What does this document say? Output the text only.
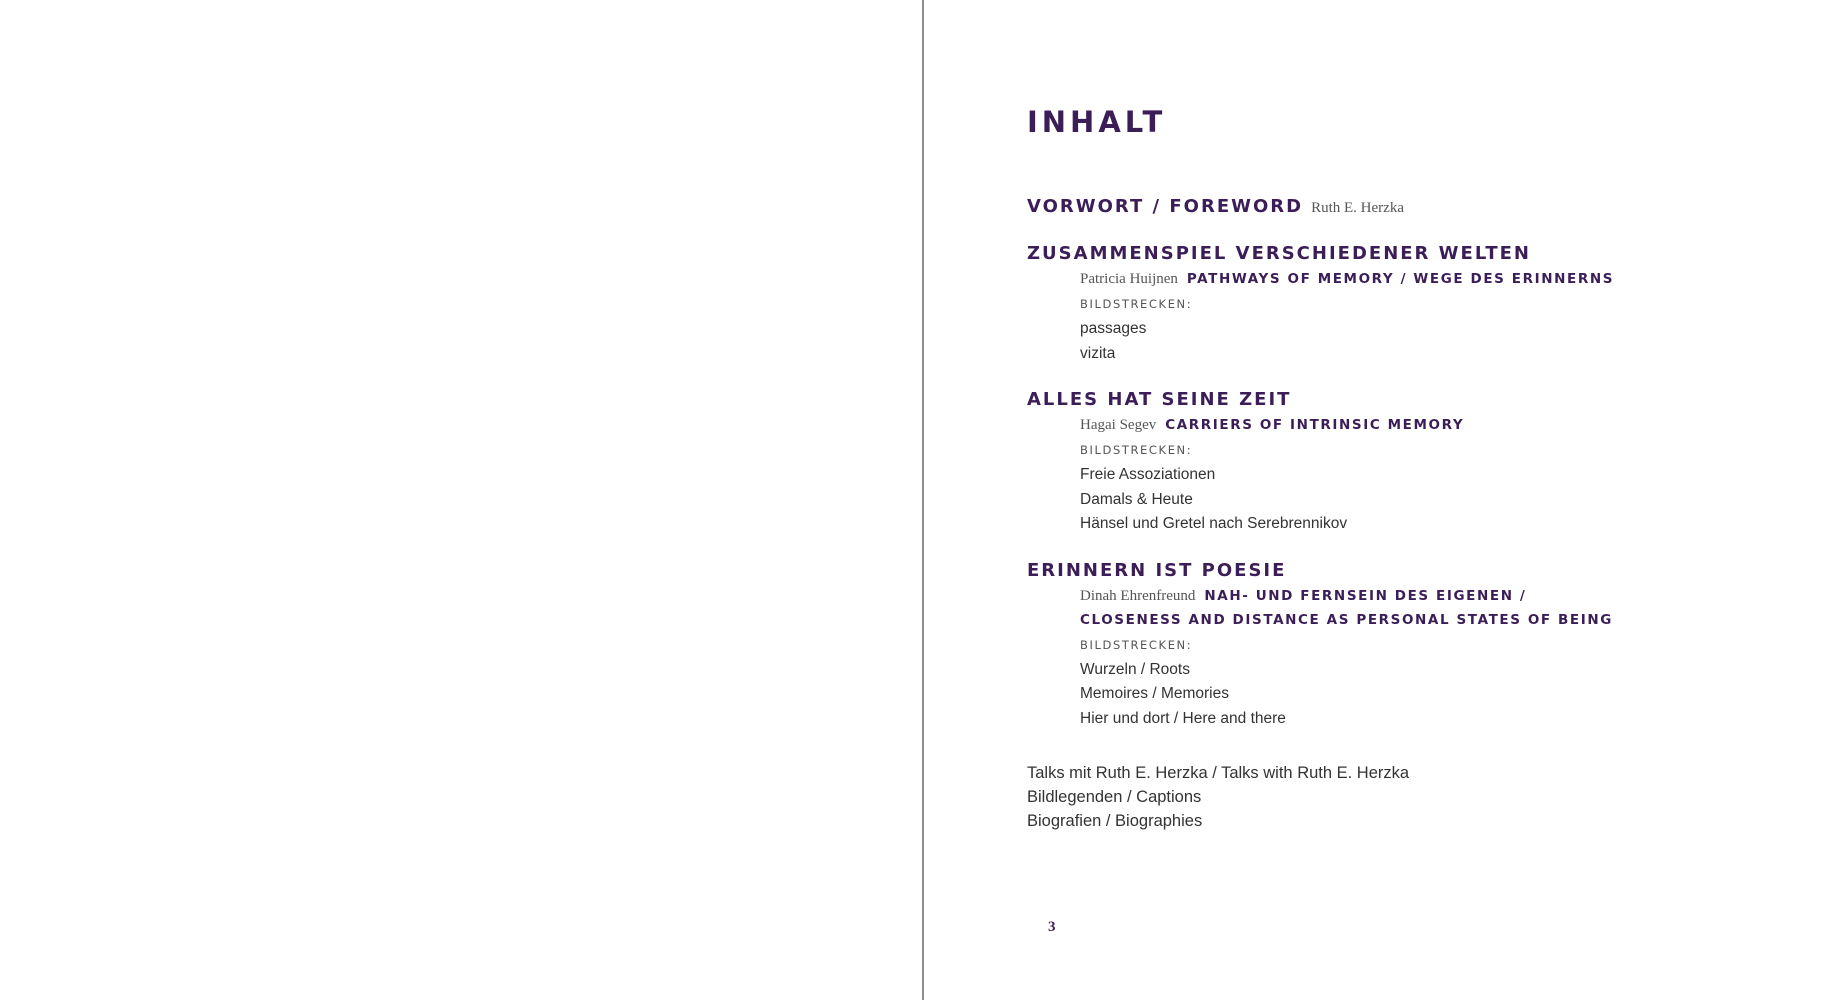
INHALT
VORWORT / FOREWORD Ruth E. Herzka
ZUSAMMENSPIEL VERSCHIEDENER WELTEN
Patricia Huijnen PATHWAYS OF MEMORY / WEGE DES ERINNERNS
BILDSTRECKEN:
passages
vizita
ALLES HAT SEINE ZEIT
Hagai Segev CARRIERS OF INTRINSIC MEMORY
BILDSTRECKEN:
Freie Assoziationen
Damals & Heute
Hänsel und Gretel nach Serebrennikov
ERINNERN IST POESIE
Dinah Ehrenfreund NAH- UND FERNSEIN DES EIGENEN /
CLOSENESS AND DISTANCE AS PERSONAL STATES OF BEING
BILDSTRECKEN:
Wurzeln / Roots
Memoires / Memories
Hier und dort / Here and there
Talks mit Ruth E. Herzka / Talks with Ruth E. Herzka
Bildlegenden / Captions
Biografien / Biographies
3
